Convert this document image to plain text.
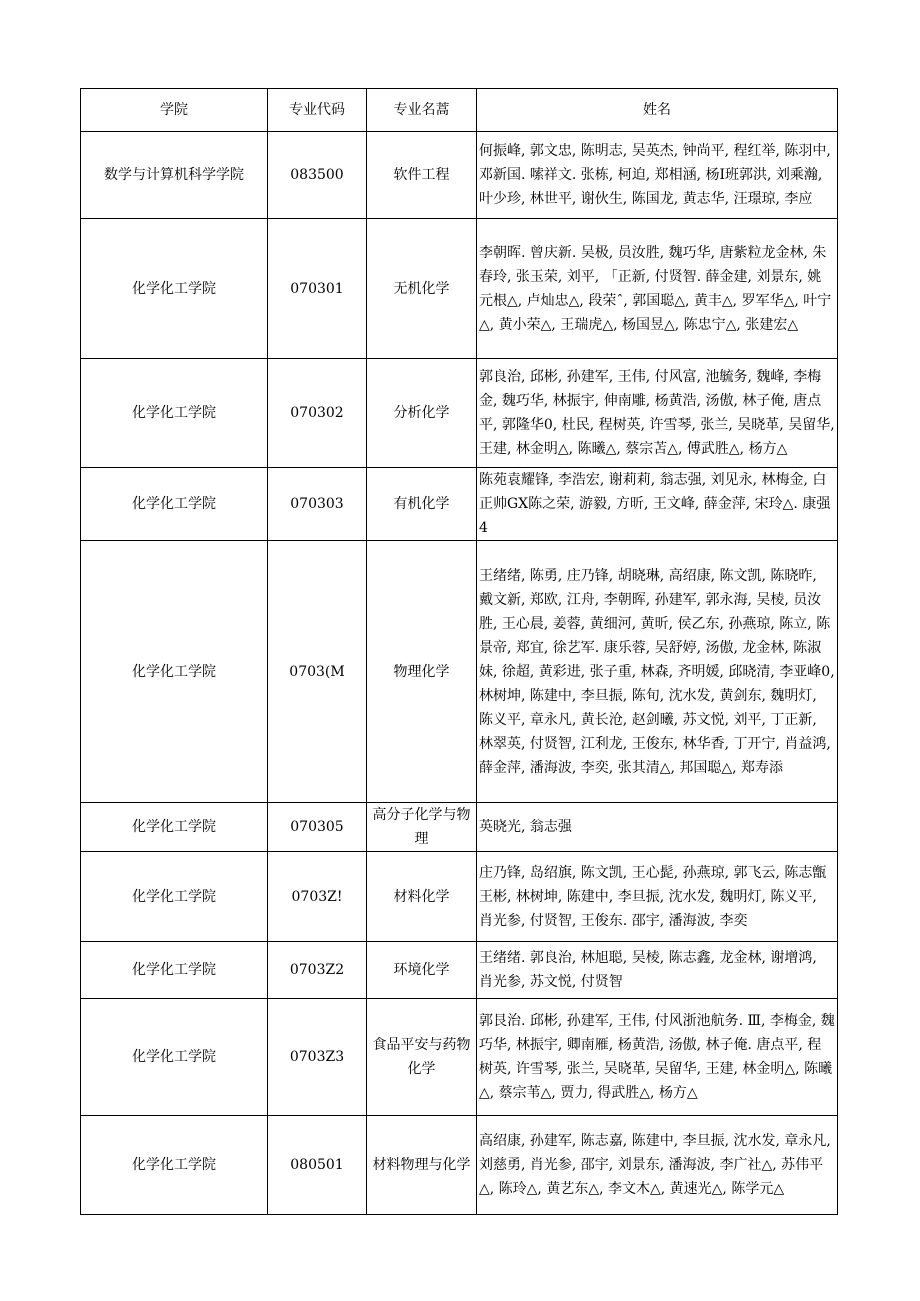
学院	专业代码	专业名蒿	姓名
数学与计算机科学学院	083500	软件工程	何振峰, 郭文忠, 陈明志, 吴英杰, 钟尚平, 程红举, 陈羽中, 邓新国. 嗦祥文. 张栋, 柯迫, 郑相涵, 杨I班郭洪, 刘乘瀚, 叶少珍, 林世平, 谢伙生, 陈国龙, 黄志华, 汪璟琼, 李应
化学化工学院	070301	无机化学	李朝晖. 曾庆新. 吴极, 员汝胜, 魏巧华, 唐紫粒龙金林, 朱春玲, 张玉荣, 刘平, 「正新, 付贤智. 薛金建, 刘景东, 姚元根△, 卢灿忠△, 段荣ˆ, 郭国聪△, 黄丰△, 罗军华△, 叶宁△, 黄小荣△, 王瑞虎△, 杨国昱△, 陈忠宁△, 张建宏△
化学化工学院	070302	分析化学	郭良治, 邱彬, 孙建军, 王伟, 付风富, 池毓务, 魏峰, 李梅金, 魏巧华, 林振宇, 伸南雕, 杨黄浩, 汤傲, 林子俺, 唐点平, 郭隆华0, 杜民, 程树英, 许雪琴, 张兰, 吴晓革, 吴留华, 王建, 林金明△, 陈曦△, 蔡宗苫△, 傅武胜△, 杨方△
化学化工学院	070303	有机化学	陈苑袁耀锋, 李浩宏, 谢莉莉, 翁志强, 刘见永, 林梅金, 白正帅GX陈之荣, 游毅, 方昕, 王文峰, 薛金萍, 宋玲△. 康强4
化学化工学院	0703(M	物理化学	王绪绪, 陈勇, 庄乃锋, 胡晓琳, 高绍康, 陈文凯, 陈晓昨, 戴文新, 郑欧, 江舟, 李朝晖, 孙建军, 郭永海, 吴棱, 员汝胜, 王心晨, 姜蓉, 黄细河, 黄昕, 侯乙东, 孙燕琼, 陈立, 陈景帝, 郑宜, 徐艺军. 康乐蓉, 吴舒婷, 汤傲, 龙金林, 陈淑妹, 徐超, 黄彩进, 张子重, 林森, 齐明媛, 邱晓清, 李亚峰0, 林树坤, 陈建中, 李旦振, 陈旬, 沈水发, 黄剑东, 魏明灯, 陈义平, 章永凡, 黄长沧, 赵剑曦, 苏文悦, 刘平, 丁正新, 林翠英, 付贤智, 江利龙, 王俊东, 林华香, 丁开宁, 肖益鸿, 薛金萍, 潘海波, 李奕, 张其清△, 邦国聪△, 郑寿添
化学化工学院	070305	高分子化学与物理	英晓光, 翁志强
化学化工学院	0703Z!	材料化学	庄乃锋, 岛绍旗, 陈文凯, 王心髭, 孙燕琼, 郭飞云, 陈志甑王彬, 林树坤, 陈建中, 李旦振, 沈水发, 魏明灯, 陈义平, 肖光参, 付贤智, 王俊东. 邵宇, 潘海波, 李奕
化学化工学院	0703Z2	环境化学	王绪绪. 郭良治, 林旭聪, 吴棱, 陈志鑫, 龙金林, 谢增鸿, 肖光参, 苏文悦, 付贤智
化学化工学院	0703Z3	食品平安与药物化学	郭艮治. 邱彬, 孙建军, 王伟, 付风浙池航务. Ⅲ, 李梅金, 魏巧华, 林振宇, 卿南雁, 杨黄浩, 汤傲, 林子俺. 唐点平, 程树英, 许雪琴, 张兰, 吴晓革, 吴留华, 王建, 林金明△, 陈曦△, 蔡宗苇△, 贾力, 得武胜△, 杨方△
化学化工学院	080501	材料物理与化学	高绍康, 孙建军, 陈志嘉, 陈建中, 李旦振, 沈水发, 章永凡, 刘慈勇, 肖光参, 邵宇, 刘景东, 潘海波, 李广社△, 苏伟平△, 陈玲△, 黄艺东△, 李文木△, 黄速光△, 陈学元△
